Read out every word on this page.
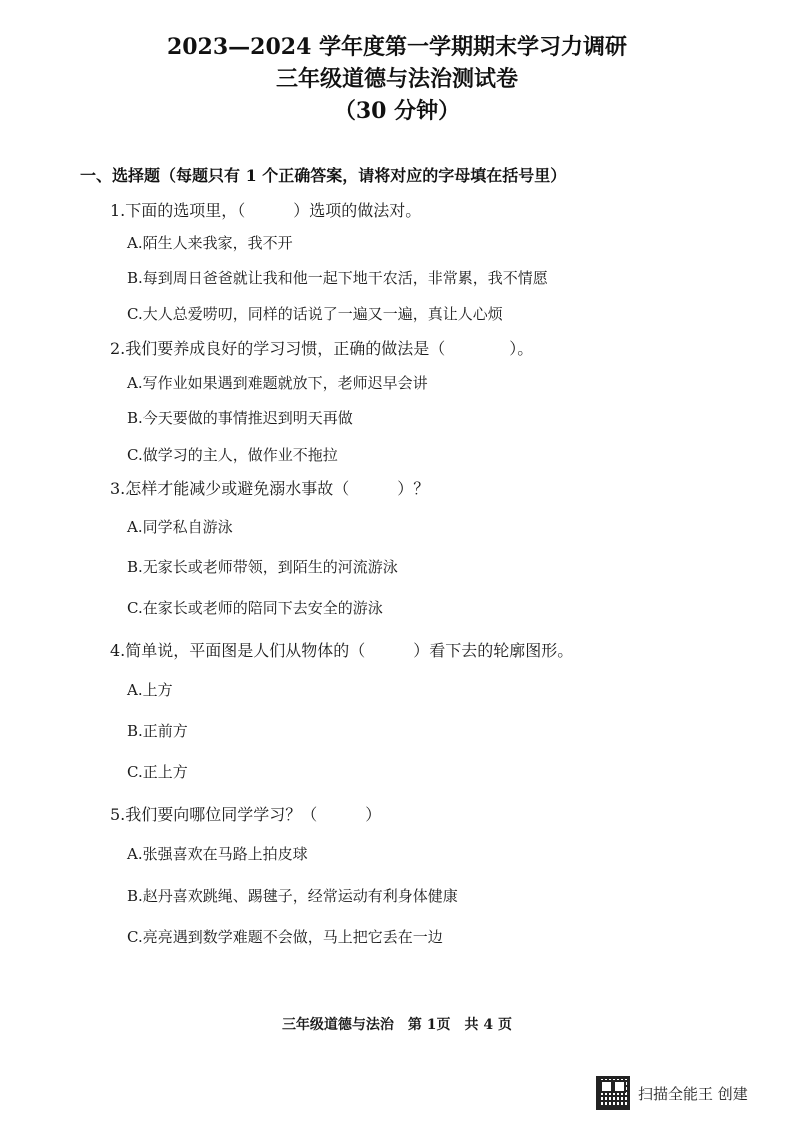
2023—2024 学年度第一学期期末学习力调研
三年级道德与法治测试卷
（30 分钟）
一、选择题（每题只有 1 个正确答案，请将对应的字母填在括号里）
1.下面的选项里，（　　　）选项的做法对。
A.陌生人来我家，我不开
B.每到周日爸爸就让我和他一起下地干农活，非常累，我不情愿
C.大人总爱唠叨，同样的话说了一遍又一遍，真让人心烦
2.我们要养成良好的学习习惯，正确的做法是（　　　　）。
A.写作业如果遇到难题就放下，老师迟早会讲
B.今天要做的事情推迟到明天再做
C.做学习的主人，做作业不拖拉
3.怎样才能减少或避免溺水事故（　　　）？
A.同学私自游泳
B.无家长或老师带领，到陌生的河流游泳
C.在家长或老师的陪同下去安全的游泳
4.简单说，平面图是人们从物体的（　　　）看下去的轮廓图形。
A.上方
B.正前方
C.正上方
5.我们要向哪位同学学习？（　　　）
A.张强喜欢在马路上拍皮球
B.赵丹喜欢跳绳、踢毽子，经常运动有利身体健康
C.亮亮遇到数学难题不会做，马上把它丢在一边
三年级道德与法治　第 1页　共 4 页
扫描全能王 创建
